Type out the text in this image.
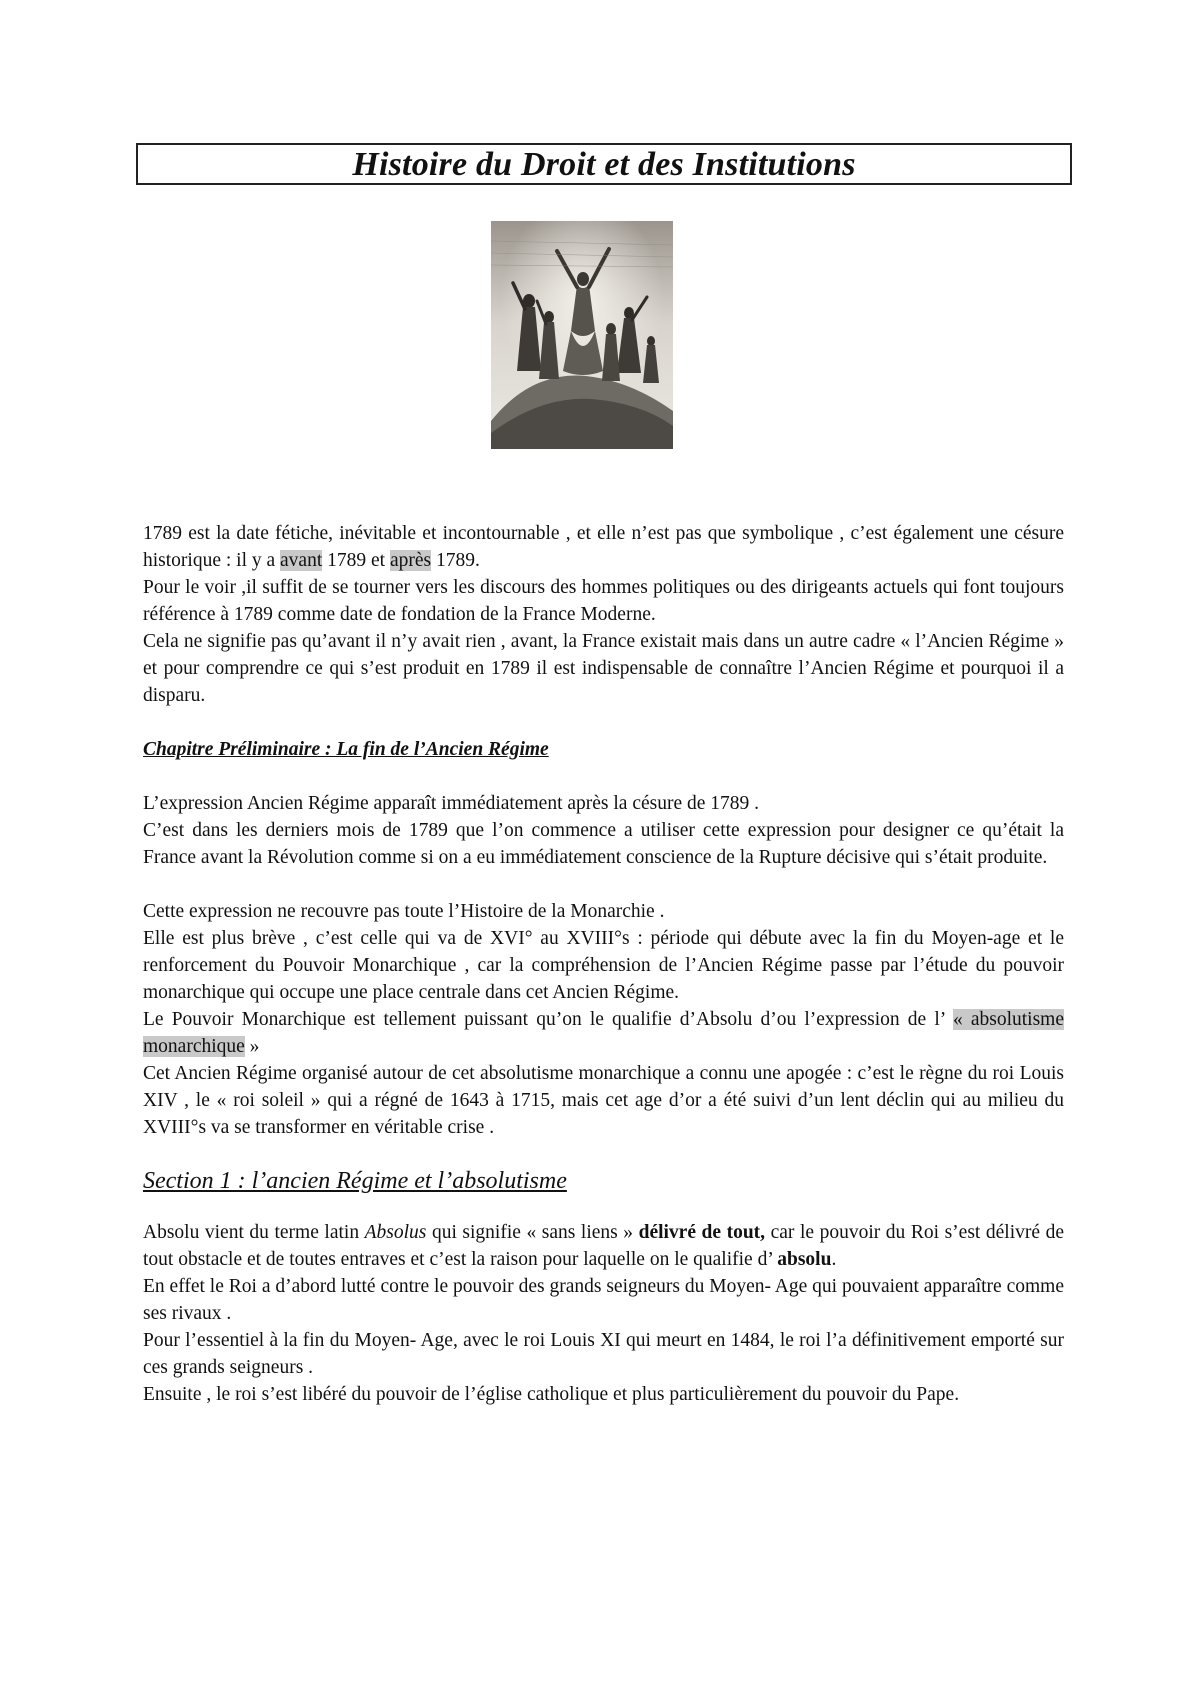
Histoire du Droit et des Institutions

1789 est la date fétiche, inévitable et incontournable , et elle n’est pas que symbolique , c’est également une césure historique : il y a avant 1789 et après 1789.

Pour le voir ,il suffit de se tourner vers les discours des hommes politiques ou des dirigeants actuels qui font toujours référence à 1789 comme date de fondation de la France Moderne.

Cela ne signifie pas qu’avant il n’y avait rien , avant, la France existait mais dans un autre cadre « l’Ancien Régime » et pour comprendre ce qui s’est produit en 1789 il est indispensable de connaître l’Ancien Régime et pourquoi il a disparu.

Chapitre Préliminaire : La fin de l’Ancien Régime

L’expression Ancien Régime apparaît immédiatement après la césure de 1789 .

C’est dans les derniers mois de 1789 que l’on commence a utiliser cette expression pour designer ce qu’était la France avant la Révolution comme si on a eu immédiatement conscience de la Rupture décisive qui s’était produite.

Cette expression ne recouvre pas toute l’Histoire de la Monarchie .

Elle est plus brève , c’est celle qui va de XVI° au XVIII°s : période qui débute avec la fin du Moyen-age et le renforcement du Pouvoir Monarchique , car la compréhension de l’Ancien Régime passe par l’étude du pouvoir monarchique qui occupe une place centrale dans cet Ancien Régime.

Le Pouvoir Monarchique est tellement puissant qu’on le qualifie d’Absolu d’ou l’expression de l’ « absolutisme monarchique »

Cet Ancien Régime organisé autour de cet absolutisme monarchique a connu une apogée : c’est le règne du roi Louis XIV , le « roi soleil » qui a régné de 1643 à 1715, mais cet age d’or a été suivi d’un lent déclin qui au milieu du XVIII°s va se transformer en véritable crise .

Section 1 : l’ancien Régime et l’absolutisme

Absolu vient du terme latin Absolus qui signifie « sans liens » délivré de tout, car le pouvoir du Roi s’est délivré de tout obstacle et de toutes entraves et c’est la raison pour laquelle on le qualifie d’ absolu.

En effet le Roi a d’abord lutté contre le pouvoir des grands seigneurs du Moyen- Age qui pouvaient apparaître comme ses rivaux .

Pour l’essentiel à la fin du Moyen- Age, avec le roi Louis XI qui meurt en 1484, le roi l’a définitivement emporté sur ces grands seigneurs .

Ensuite , le roi s’est libéré du pouvoir de l’église catholique et plus particulièrement du pouvoir du Pape.
